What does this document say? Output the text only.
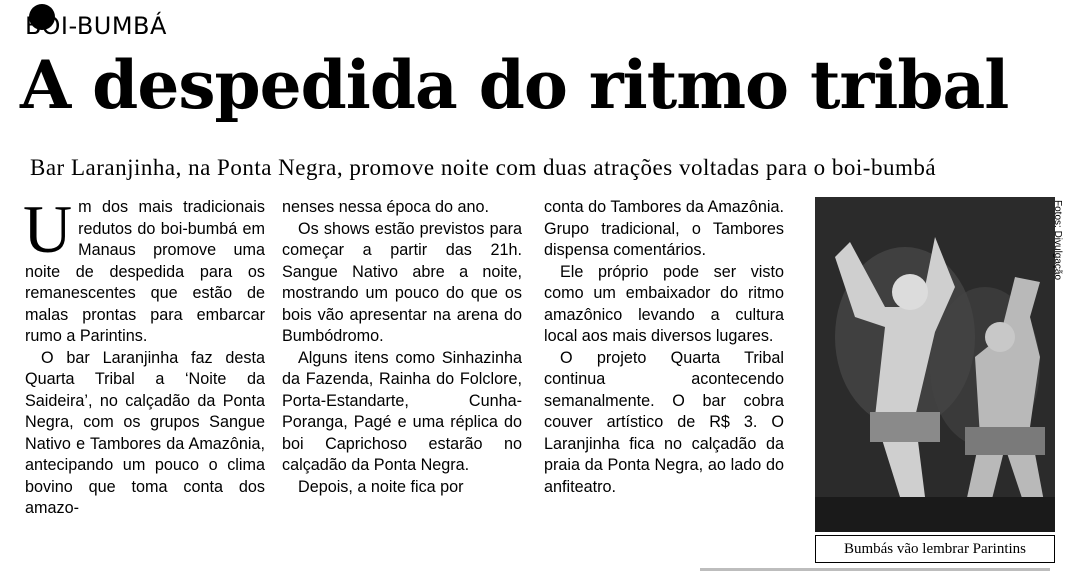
BOI-BUMBÁ
A despedida do ritmo tribal
Bar Laranjinha, na Ponta Negra, promove noite com duas atrações voltadas para o boi-bumbá

Um dos mais tradicionais redutos do boi-bumbá em Manaus promove uma noite de despedida para os remanescentes que estão de malas prontas para embarcar rumo a Parintins.

O bar Laranjinha faz desta Quarta Tribal a ‘Noite da Saideira’, no calçadão da Ponta Negra, com os grupos Sangue Nativo e Tambores da Amazônia, antecipando um pouco o clima bovino que toma conta dos amazo-

nenses nessa época do ano.

Os shows estão previstos para começar a partir das 21h. Sangue Nativo abre a noite, mostrando um pouco do que os bois vão apresentar na arena do Bumbódromo.

Alguns itens como Sinhazinha da Fazenda, Rainha do Folclore, Porta-Estandarte, Cunha-Poranga, Pagé e uma réplica do boi Caprichoso estarão no calçadão da Ponta Negra.

Depois, a noite fica por

conta do Tambores da Amazônia. Grupo tradicional, o Tambores dispensa comentários.

Ele próprio pode ser visto como um embaixador do ritmo amazônico levando a cultura local aos mais diversos lugares.

O projeto Quarta Tribal continua acontecendo semanalmente. O bar cobra couver artístico de R$ 3. O Laranjinha fica no calçadão da praia da Ponta Negra, ao lado do anfiteatro.

Fotos: Divulgação
Bumbás vão lembrar Parintins
